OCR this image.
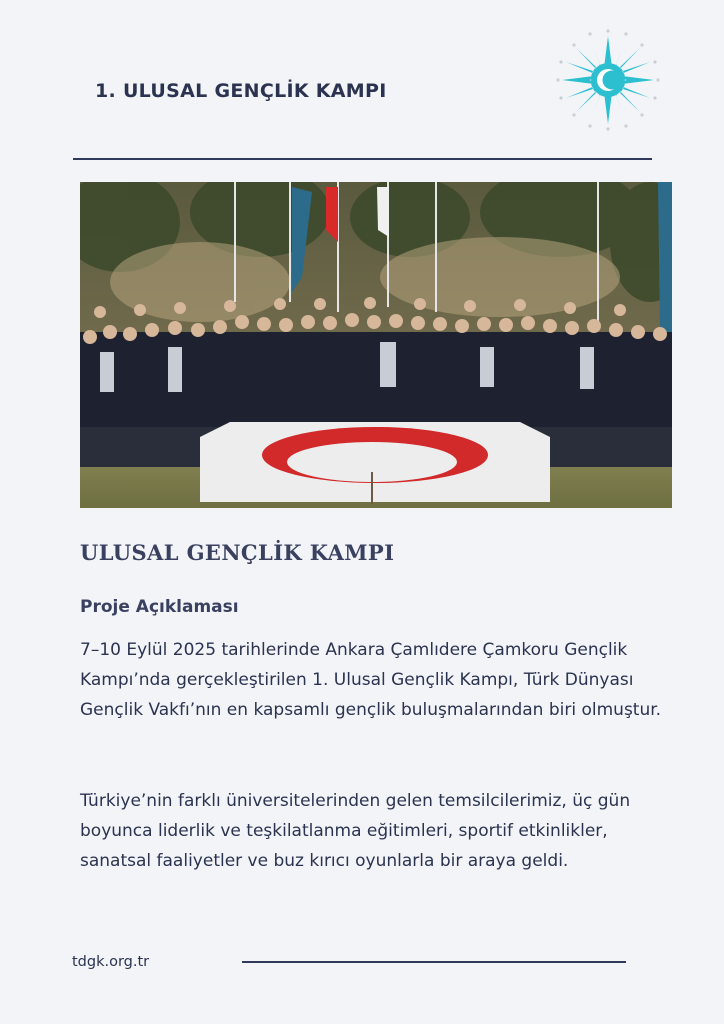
1. ULUSAL GENÇLİK KAMPI
ULUSAL GENÇLİK KAMPI
Proje Açıklaması

7–10 Eylül 2025 tarihlerinde Ankara Çamlıdere Çamkoru Gençlik Kampı’nda gerçekleştirilen 1. Ulusal Gençlik Kampı, Türk Dünyası Gençlik Vakfı’nın en kapsamlı gençlik buluşmalarından biri olmuştur.

Türkiye’nin farklı üniversitelerinden gelen temsilcilerimiz, üç gün boyunca liderlik ve teşkilatlanma eğitimleri, sportif etkinlikler, sanatsal faaliyetler ve buz kırıcı oyunlarla bir araya geldi.

tdgk.org.tr
